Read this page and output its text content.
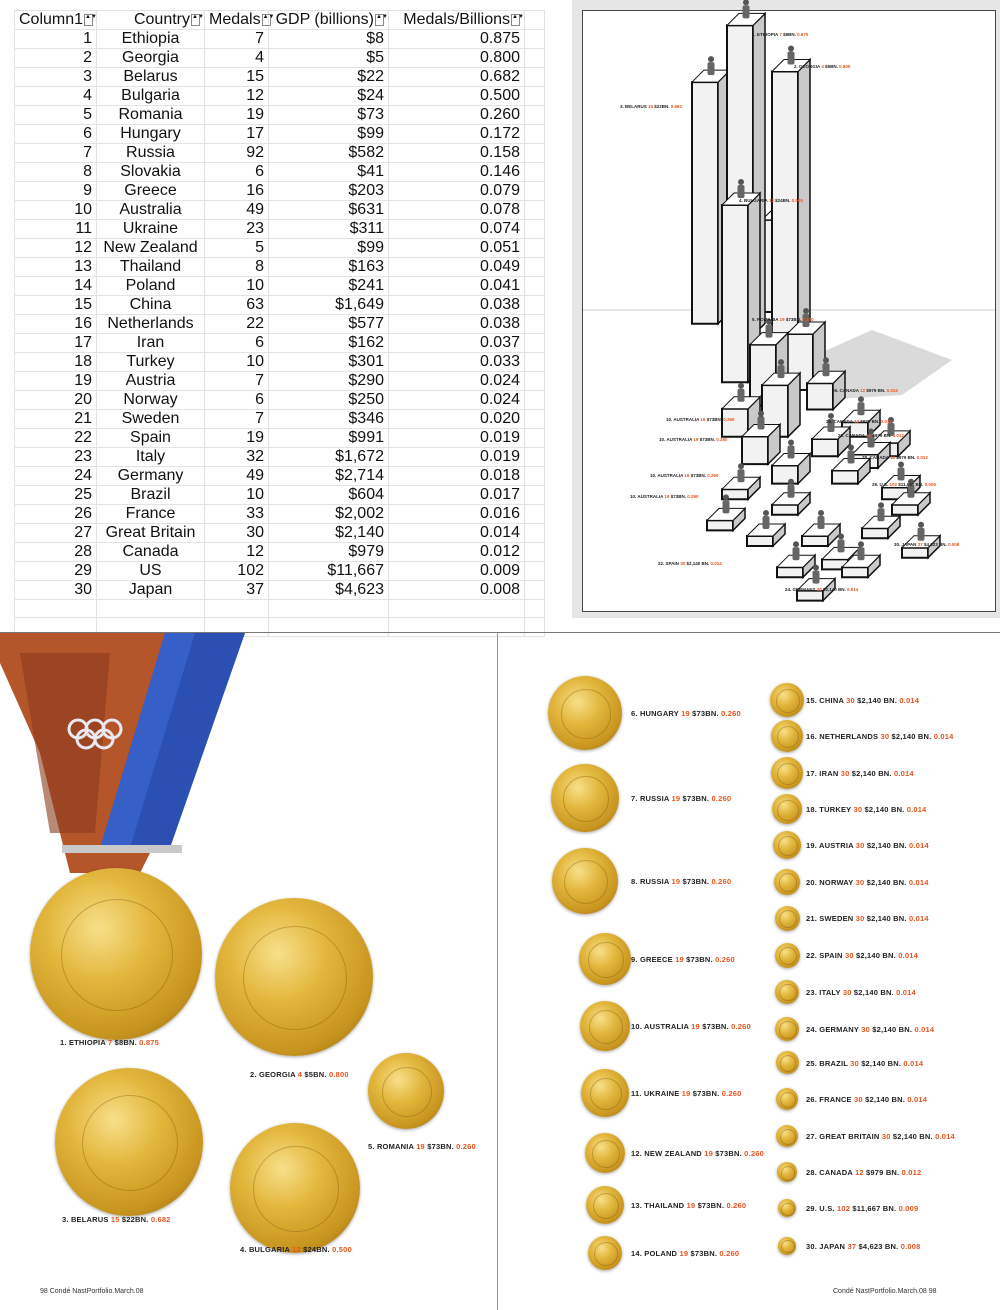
Column1 ▲▼	Country ▲▼	Medals ▲▼	GDP (billions) ▲▼	Medals/Billions ▲▼	
1	Ethiopia	7	$8	0.875	
2	Georgia	4	$5	0.800	
3	Belarus	15	$22	0.682	
4	Bulgaria	12	$24	0.500	
5	Romania	19	$73	0.260	
6	Hungary	17	$99	0.172	
7	Russia	92	$582	0.158	
8	Slovakia	6	$41	0.146	
9	Greece	16	$203	0.079	
10	Australia	49	$631	0.078	
11	Ukraine	23	$311	0.074	
12	New Zealand	5	$99	0.051	
13	Thailand	8	$163	0.049	
14	Poland	10	$241	0.041	
15	China	63	$1,649	0.038	
16	Netherlands	22	$577	0.038	
17	Iran	6	$162	0.037	
18	Turkey	10	$301	0.033	
19	Austria	7	$290	0.024	
20	Norway	6	$250	0.024	
21	Sweden	7	$346	0.020	
22	Spain	19	$991	0.019	
23	Italy	32	$1,672	0.019	
24	Germany	49	$2,714	0.018	
25	Brazil	10	$604	0.017	
26	France	33	$2,002	0.016	
27	Great Britain	30	$2,140	0.014	
28	Canada	12	$979	0.012	
29	US	102	$11,667	0.009	
30	Japan	37	$4,623	0.008	

1. ETHIOPIA 7 $8BN. 0.875
2. GEORGIA 4 $5BN. 0.800
3. BELARUS 15 $22BN. 0.682
4. BULGARIA 12 $24BN. 0.500
5. ROMANIA 19 $73BN. 0.260
10. AUSTRALIA 19 $73BN. 0.260
10. AUSTRALIA 19 $73BN. 0.260
10. AUSTRALIA 19 $73BN. 0.260
10. AUSTRALIA 19 $73BN. 0.260
22. SPAIN 30 $2,140 BN. 0.014
24. GERMANY 30 $2,140 BN. 0.014
26. CANADA 12 $979 BN. 0.012
26. CANADA 12 $979 BN. 0.012
26. CANADA 12 $979 BN. 0.012
28. CANADA 12 $979 BN. 0.012
29. U.S. 102 $11,667 BN. 0.009
30. JAPAN 37 $4,623 BN. 0.008
1. ETHIOPIA 7 $8BN. 0.875
2. GEORGIA 4 $5BN. 0.800
3. BELARUS 15 $22BN. 0.682
4. BULGARIA 12 $24BN. 0.500
5. ROMANIA 19 $73BN. 0.260
98 Condé NastPortfolio.March.08
6. HUNGARY 19 $73BN. 0.260
7. RUSSIA 19 $73BN. 0.260
8. RUSSIA 19 $73BN. 0.260
9. GREECE 19 $73BN. 0.260
10. AUSTRALIA 19 $73BN. 0.260
11. UKRAINE 19 $73BN. 0.260
12. NEW ZEALAND 19 $73BN. 0.260
13. THAILAND 19 $73BN. 0.260
14. POLAND 19 $73BN. 0.260
15. CHINA 30 $2,140 BN. 0.014
16. NETHERLANDS 30 $2,140 BN. 0.014
17. IRAN 30 $2,140 BN. 0.014
18. TURKEY 30 $2,140 BN. 0.014
19. AUSTRIA 30 $2,140 BN. 0.014
20. NORWAY 30 $2,140 BN. 0.014
21. SWEDEN 30 $2,140 BN. 0.014
22. SPAIN 30 $2,140 BN. 0.014
23. ITALY 30 $2,140 BN. 0.014
24. GERMANY 30 $2,140 BN. 0.014
25. BRAZIL 30 $2,140 BN. 0.014
26. FRANCE 30 $2,140 BN. 0.014
27. GREAT BRITAIN 30 $2,140 BN. 0.014
28. CANADA 12 $979 BN. 0.012
29. U.S. 102 $11,667 BN. 0.009
30. JAPAN 37 $4,623 BN. 0.008
Condé NastPortfolio.March.08 98
